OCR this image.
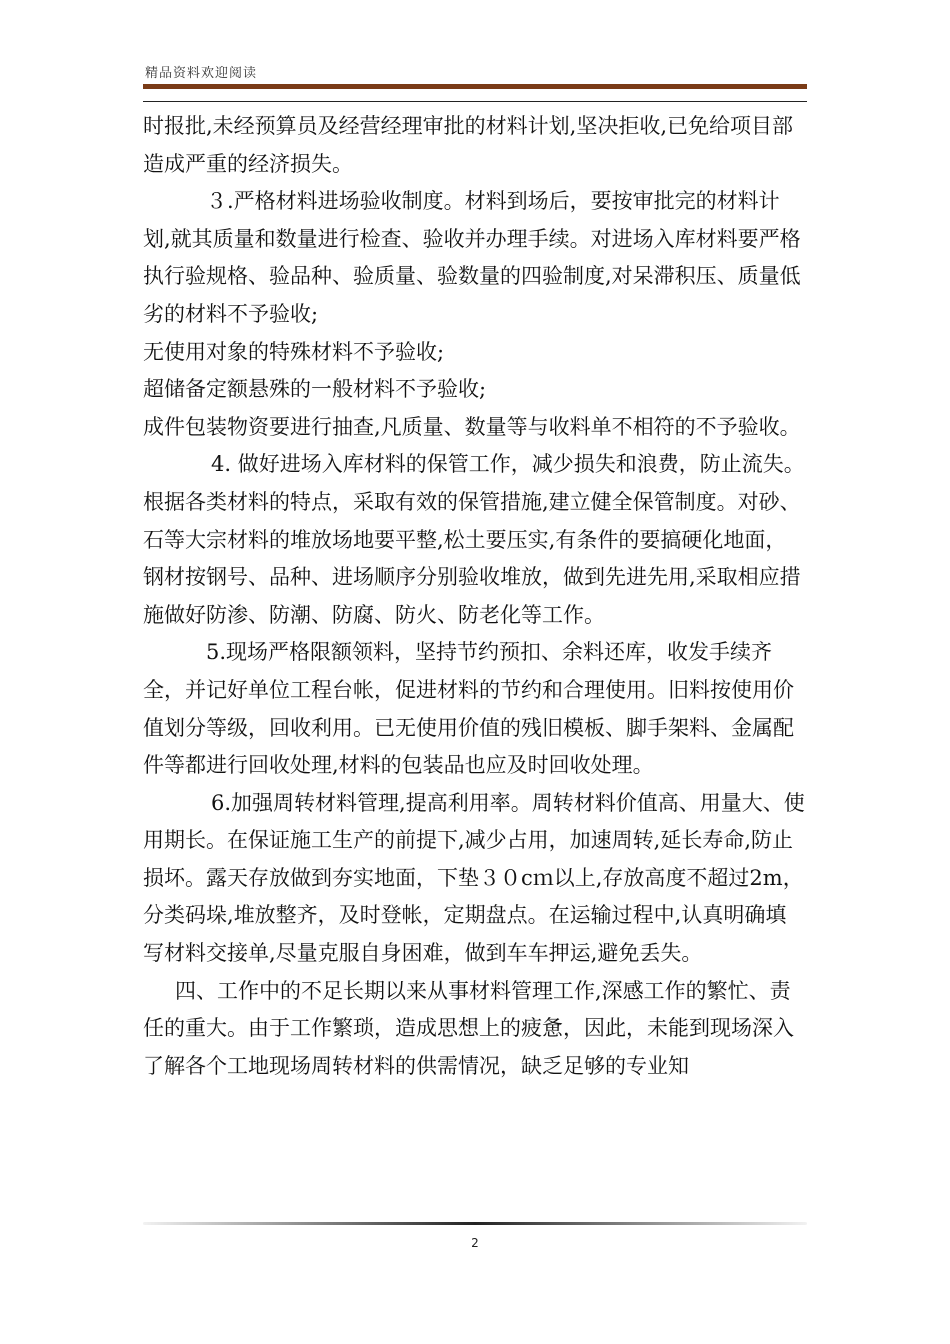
精品资料欢迎阅读

时报批,未经预算员及经营经理审批的材料计划,坚决拒收,已免给项目部造成严重的经济损失。

３.严格材料进场验收制度。材料到场后，要按审批完的材料计划,就其质量和数量进行检查、验收并办理手续。对进场入库材料要严格执行验规格、验品种、验质量、验数量的四验制度,对呆滞积压、质量低劣的材料不予验收;

无使用对象的特殊材料不予验收;

超储备定额悬殊的一般材料不予验收;

成件包装物资要进行抽查,凡质量、数量等与收料单不相符的不予验收。

4. 做好进场入库材料的保管工作，减少损失和浪费，防止流失。根据各类材料的特点，采取有效的保管措施,建立健全保管制度。对砂、石等大宗材料的堆放场地要平整,松土要压实,有条件的要搞硬化地面，钢材按钢号、品种、进场顺序分别验收堆放，做到先进先用,采取相应措施做好防渗、防潮、防腐、防火、防老化等工作。

5.现场严格限额领料，坚持节约预扣、余料还库，收发手续齐全，并记好单位工程台帐，促进材料的节约和合理使用。旧料按使用价值划分等级，回收利用。已无使用价值的残旧模板、脚手架料、金属配件等都进行回收处理,材料的包装品也应及时回收处理。

6.加强周转材料管理,提高利用率。周转材料价值高、用量大、使用期长。在保证施工生产的前提下,减少占用，加速周转,延长寿命,防止损坏。露天存放做到夯实地面，下垫３０cｍ以上,存放高度不超过2m，分类码垛,堆放整齐，及时登帐，定期盘点。在运输过程中,认真明确填写材料交接单,尽量克服自身困难，做到车车押运,避免丢失。

四、工作中的不足长期以来从事材料管理工作,深感工作的繁忙、责任的重大。由于工作繁琐，造成思想上的疲惫，因此，未能到现场深入了解各个工地现场周转材料的供需情况，缺乏足够的专业知

2
